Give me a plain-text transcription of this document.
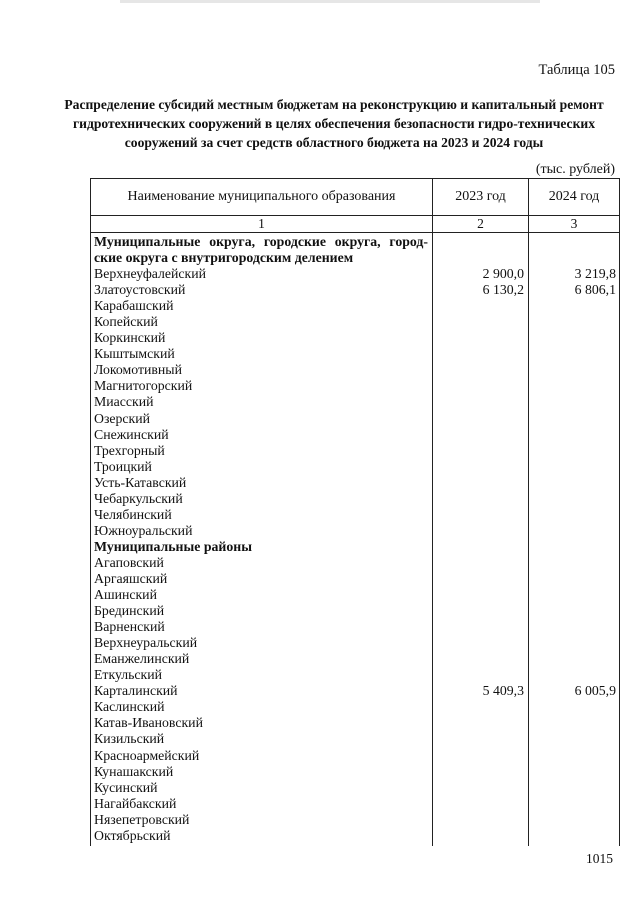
Таблица 105
Распределение субсидий местным бюджетам на реконструкцию и капитальный ремонт гидротехнических сооружений в целях обеспечения безопасности гидро-технических сооружений за счет средств областного бюджета на 2023 и 2024 годы
(тыс. рублей)
Наименование муниципального образования	2023 год	2024 год
1	2	3
Муниципальные округа, городские округа, город-ские округа с внутригородским делением
Верхнеуфалейский	2 900,0	3 219,8
Златоустовский	6 130,2	6 806,1
Карабашский
Копейский
Коркинский
Кыштымский
Локомотивный
Магнитогорский
Миасский
Озерский
Снежинский
Трехгорный
Троицкий
Усть-Катавский
Чебаркульский
Челябинский
Южноуральский
Муниципальные районы
Агаповский
Аргаяшский
Ашинский
Брединский
Варненский
Верхнеуральский
Еманжелинский
Еткульский
Карталинский	5 409,3	6 005,9
Каслинский
Катав-Ивановский
Кизильский
Красноармейский
Кунашакский
Кусинский
Нагайбакский
Нязепетровский
Октябрьский
1015
